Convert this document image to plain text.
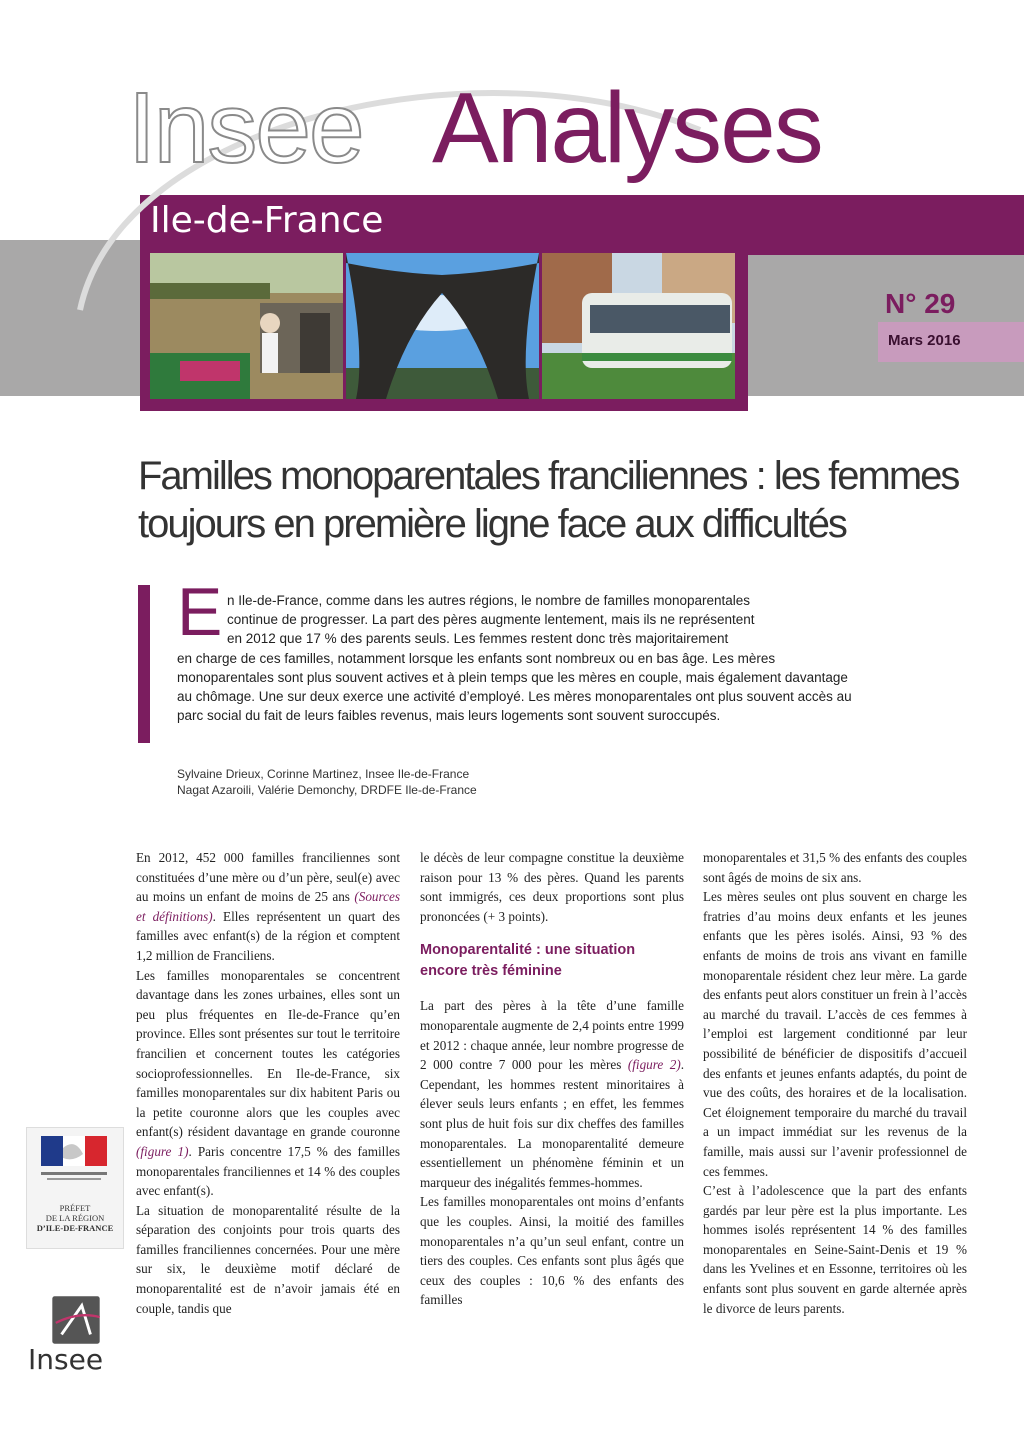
Insee Analyses
Ile-de-France
N° 29
Mars 2016
Familles monoparentales franciliennes : les femmes
toujours en première ligne face aux difficultés
E n Ile-de-France, comme dans les autres régions, le nombre de familles monoparentales
continue de progresser. La part des pères augmente lentement, mais ils ne représentent
en 2012 que 17 % des parents seuls. Les femmes restent donc très majoritairement
en charge de ces familles, notamment lorsque les enfants sont nombreux ou en bas âge. Les mères monoparentales sont plus souvent actives et à plein temps que les mères en couple, mais également davantage au chômage. Une sur deux exerce une activité d’employé. Les mères monoparentales ont plus souvent accès au parc social du fait de leurs faibles revenus, mais leurs logements sont souvent suroccupés.
Sylvaine Drieux, Corinne Martinez, Insee Ile-de-France
Nagat Azaroili, Valérie Demonchy, DRDFE Ile-de-France

En 2012, 452 000 familles franciliennes sont constituées d’une mère ou d’un père, seul(e) avec au moins un enfant de moins de 25 ans (Sources et définitions). Elles représentent un quart des familles avec enfant(s) de la région et comptent 1,2 million de Franciliens.

Les familles monoparentales se concentrent davantage dans les zones urbaines, elles sont un peu plus fréquentes en Ile-de-France qu’en province. Elles sont présentes sur tout le territoire francilien et concernent toutes les catégories socioprofessionnelles. En Ile-de-France, six familles monoparentales sur dix habitent Paris ou la petite couronne alors que les couples avec enfant(s) résident davantage en grande couronne (figure 1). Paris concentre 17,5 % des familles monoparentales franciliennes et 14 % des couples avec enfant(s).

La situation de monoparentalité résulte de la séparation des conjoints pour trois quarts des familles franciliennes concernées. Pour une mère sur six, le deuxième motif déclaré de monoparentalité est de n’avoir jamais été en couple, tandis que

le décès de leur compagne constitue la deuxième raison pour 13 % des pères. Quand les parents sont immigrés, ces deux proportions sont plus prononcées (+ 3 points).

Monoparentalité : une situation encore très féminine

La part des pères à la tête d’une famille monoparentale augmente de 2,4 points entre 1999 et 2012 : chaque année, leur nombre progresse de 2 000 contre 7 000 pour les mères (figure 2). Cependant, les hommes restent minoritaires à élever seuls leurs enfants ; en effet, les femmes sont plus de huit fois sur dix cheffes des familles monoparentales. La monoparentalité demeure essentiellement un phénomène féminin et un marqueur des inégalités femmes-hommes.

Les familles monoparentales ont moins d’enfants que les couples. Ainsi, la moitié des familles monoparentales n’a qu’un seul enfant, contre un tiers des couples. Ces enfants sont plus âgés que ceux des couples : 10,6 % des enfants des familles

monoparentales et 31,5 % des enfants des couples sont âgés de moins de six ans.

Les mères seules ont plus souvent en charge les fratries d’au moins deux enfants et les jeunes enfants que les pères isolés. Ainsi, 93 % des enfants de moins de trois ans vivant en famille monoparentale résident chez leur mère. La garde des enfants peut alors constituer un frein à l’accès au marché du travail. L’accès de ces femmes à l’emploi est largement conditionné par leur possibilité de bénéficier de dispositifs d’accueil des enfants et jeunes enfants adaptés, du point de vue des coûts, des horaires et de la localisation. Cet éloignement temporaire du marché du travail a un impact immédiat sur les revenus de la famille, mais aussi sur l’avenir professionnel de ces femmes.

C’est à l’adolescence que la part des enfants gardés par leur père est la plus importante. Les hommes isolés représentent 14 % des familles monoparentales en Seine-Saint-Denis et 19 % dans les Yvelines et en Essonne, territoires où les enfants sont plus souvent en garde alternée après le divorce de leurs parents.

PRÉFET
DE LA RÉGION
D’ILE-DE-FRANCE
Insee
